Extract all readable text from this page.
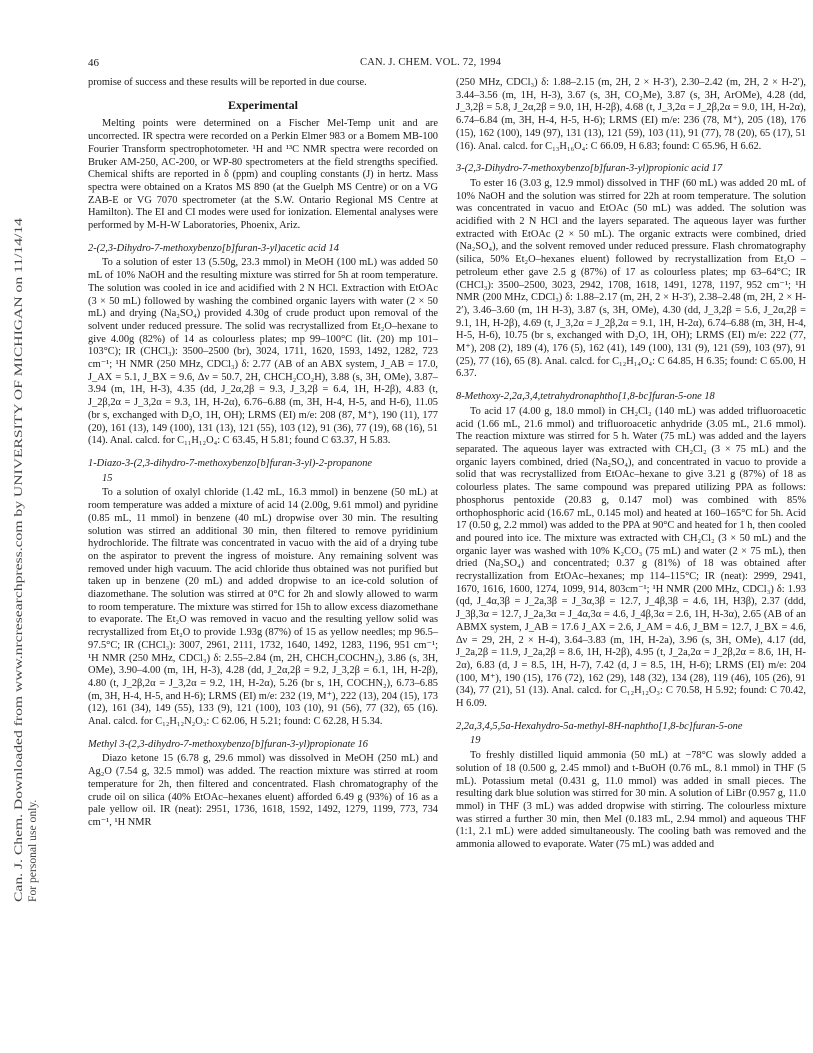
46	CAN. J. CHEM. VOL. 72, 1994
Can. J. Chem. Downloaded from www.nrcresearchpress.com by UNIVERSITY OF MICHIGAN on 11/14/14 For personal use only.

promise of success and these results will be reported in due course.

Experimental

Melting points were determined on a Fischer Mel-Temp unit and are uncorrected. IR spectra were recorded on a Perkin Elmer 983 or a Bomem MB-100 Fourier Transform spectrophotometer. ¹H and ¹³C NMR spectra were recorded on Bruker AM-250, AC-200, or WP-80 spectrometers at the field strengths specified. Chemical shifts are reported in δ (ppm) and coupling constants (J) in hertz. Mass spectra were obtained on a Kratos MS 890 (at the Guelph MS Centre) or on a VG ZAB-E or VG 7070 spectrometer (at the S.W. Ontario Regional MS Centre at Hamilton). The EI and CI modes were used for ionization. Elemental analyses were performed by M-H-W Laboratories, Phoenix, Ariz.

2-(2,3-Dihydro-7-methoxybenzo[b]furan-3-yl)acetic acid 14

To a solution of ester 13 (5.50g, 23.3 mmol) in MeOH (100 mL) was added 50 mL of 10% NaOH and the resulting mixture was stirred for 5h at room temperature. The solution was cooled in ice and acidified with 2 N HCl. Extraction with EtOAc (3 × 50 mL) followed by washing the combined organic layers with water (2 × 50 mL) and drying (Na₂SO₄) provided 4.30g of crude product upon removal of the solvent under reduced pressure. The solid was recrystallized from Et₂O–hexane to give 4.00g (82%) of 14 as colourless plates; mp 99–100°C (lit. (20) mp 101–103°C); IR (CHCl₃): 3500–2500 (br), 3024, 1711, 1620, 1593, 1492, 1282, 723 cm⁻¹; ¹H NMR (250 MHz, CDCl₃) δ: 2.77 (AB of an ABX system, J_AB = 17.0, J_AX = 5.1, J_BX = 9.6, Δν = 50.7, 2H, CHCH₂CO₂H), 3.88 (s, 3H, OMe), 3.87–3.94 (m, 1H, H-3), 4.35 (dd, J_2α,2β = 9.3, J_3,2β = 6.4, 1H, H-2β), 4.83 (t, J_2β,2α = J_3,2α = 9.3, 1H, H-2α), 6.76–6.88 (m, 3H, H-4, H-5, and H-6), 11.05 (br s, exchanged with D₂O, 1H, OH); LRMS (EI) m/e: 208 (87, M⁺), 190 (11), 177 (20), 161 (13), 149 (100), 131 (13), 121 (55), 103 (12), 91 (36), 77 (19), 68 (16), 51 (14). Anal. calcd. for C₁₁H₁₂O₄: C 63.45, H 5.81; found C 63.37, H 5.83.

1-Diazo-3-(2,3-dihydro-7-methoxybenzo[b]furan-3-yl)-2-propanone
15

To a solution of oxalyl chloride (1.42 mL, 16.3 mmol) in benzene (50 mL) at room temperature was added a mixture of acid 14 (2.00g, 9.61 mmol) and pyridine (0.85 mL, 11 mmol) in benzene (40 mL) dropwise over 30 min. The resulting solution was stirred an additional 30 min, then filtered to remove pyridinium hydrochloride. The filtrate was concentrated in vacuo with the aid of a drying tube on the aspirator to prevent the ingress of moisture. Any remaining solvent was removed under high vacuum. The acid chloride thus obtained was not purified but taken up in benzene (20 mL) and added dropwise to an ice-cold solution of diazomethane. The solution was stirred at 0°C for 2h and slowly allowed to warm to room temperature. The mixture was stirred for 15h to allow excess diazomethane to evaporate. The Et₂O was removed in vacuo and the resulting yellow solid was recrystallized from Et₂O to provide 1.93g (87%) of 15 as yellow needles; mp 96.5–97.5°C; IR (CHCl₃): 3007, 2961, 2111, 1732, 1640, 1492, 1283, 1196, 951 cm⁻¹; ¹H NMR (250 MHz, CDCl₃) δ: 2.55–2.84 (m, 2H, CHCH₂COCHN₂), 3.86 (s, 3H, OMe), 3.90–4.00 (m, 1H, H-3), 4.28 (dd, J_2α,2β = 9.2, J_3,2β = 6.1, 1H, H-2β), 4.80 (t, J_2β,2α = J_3,2α = 9.2, 1H, H-2α), 5.26 (br s, 1H, COCHN₂), 6.73–6.85 (m, 3H, H-4, H-5, and H-6); LRMS (EI) m/e: 232 (19, M⁺), 222 (13), 204 (15), 173 (12), 161 (34), 149 (55), 133 (9), 121 (100), 103 (10), 91 (56), 77 (32), 65 (16). Anal. calcd. for C₁₂H₁₂N₂O₃: C 62.06, H 5.21; found: C 62.28, H 5.34.

Methyl 3-(2,3-dihydro-7-methoxybenzo[b]furan-3-yl)propionate 16

Diazo ketone 15 (6.78 g, 29.6 mmol) was dissolved in MeOH (250 mL) and Ag₂O (7.54 g, 32.5 mmol) was added. The reaction mixture was stirred at room temperature for 2h, then filtered and concentrated. Flash chromatography of the crude oil on silica (40% EtOAc–hexanes eluent) afforded 6.49 g (93%) of 16 as a pale yellow oil. IR (neat): 2951, 1736, 1618, 1592, 1492, 1279, 1199, 773, 734 cm⁻¹, ¹H NMR

(250 MHz, CDCl₃) δ: 1.88–2.15 (m, 2H, 2 × H-3′), 2.30–2.42 (m, 2H, 2 × H-2′), 3.44–3.56 (m, 1H, H-3), 3.67 (s, 3H, CO₂Me), 3.87 (s, 3H, ArOMe), 4.28 (dd, J_3,2β = 5.8, J_2α,2β = 9.0, 1H, H-2β), 4.68 (t, J_3,2α = J_2β,2α = 9.0, 1H, H-2α), 6.74–6.84 (m, 3H, H-4, H-5, H-6); LRMS (EI) m/e: 236 (78, M⁺), 205 (18), 176 (15), 162 (100), 149 (97), 131 (13), 121 (59), 103 (11), 91 (77), 78 (20), 65 (17), 51 (16). Anal. calcd. for C₁₃H₁₆O₄: C 66.09, H 6.83; found: C 65.96, H 6.62.

3-(2,3-Dihydro-7-methoxybenzo[b]furan-3-yl)propionic acid 17

To ester 16 (3.03 g, 12.9 mmol) dissolved in THF (60 mL) was added 20 mL of 10% NaOH and the solution was stirred for 22h at room temperature. The solution was concentrated in vacuo and EtOAc (50 mL) was added. The solution was acidified with 2 N HCl and the layers separated. The aqueous layer was further extracted with EtOAc (2 × 50 mL). The organic extracts were combined, dried (Na₂SO₄), and the solvent removed under reduced pressure. Flash chromatography (silica, 50% Et₂O–hexanes eluent) followed by recrystallization from Et₂O – petroleum ether gave 2.5 g (87%) of 17 as colourless plates; mp 63–64°C; IR (CHCl₃): 3500–2500, 3023, 2942, 1708, 1618, 1491, 1278, 1197, 952 cm⁻¹; ¹H NMR (200 MHz, CDCl₃) δ: 1.88–2.17 (m, 2H, 2 × H-3′), 2.38–2.48 (m, 2H, 2 × H-2′), 3.46–3.60 (m, 1H H-3), 3.87 (s, 3H, OMe), 4.30 (dd, J_3,2β = 5.6, J_2α,2β = 9.1, 1H, H-2β), 4.69 (t, J_3,2α = J_2β,2α = 9.1, 1H, H-2α), 6.74–6.88 (m, 3H, H-4, H-5, H-6), 10.75 (br s, exchanged with D₂O, 1H, OH); LRMS (EI) m/e: 222 (77, M⁺), 208 (2), 189 (4), 176 (5), 162 (41), 149 (100), 131 (9), 121 (59), 103 (97), 91 (25), 77 (16), 65 (8). Anal. calcd. for C₁₂H₁₄O₄: C 64.85, H 6.35; found: C 65.00, H 6.37.

8-Methoxy-2,2a,3,4,tetrahydronaphtho[1,8-bc]furan-5-one 18

To acid 17 (4.00 g, 18.0 mmol) in CH₂Cl₂ (140 mL) was added trifluoroacetic acid (1.66 mL, 21.6 mmol) and trifluoroacetic anhydride (3.05 mL, 21.6 mmol). The reaction mixture was stirred for 5 h. Water (75 mL) was added and the layers separated. The aqueous layer was extracted with CH₂Cl₂ (3 × 75 mL) and the organic layers combined, dried (Na₂SO₄), and concentrated in vacuo to provide a solid that was recrystallized from EtOAc–hexane to give 3.21 g (87%) of 18 as colourless plates. The same compound was prepared utilizing PPA as follows: phosphorus pentoxide (20.83 g, 0.147 mol) was combined with 85% orthophosphoric acid (16.67 mL, 0.145 mol) and heated at 160–165°C for 5h. Acid 17 (0.50 g, 2.2 mmol) was added to the PPA at 90°C and heated for 1 h, then cooled and poured into ice. The mixture was extracted with CH₂Cl₂ (3 × 50 mL) and the organic layer was washed with 10% K₂CO₃ (75 mL) and water (2 × 75 mL), then dried (Na₂SO₄) and concentrated; 0.37 g (81%) of 18 was obtained after recrystallization from EtOAc–hexanes; mp 114–115°C; IR (neat): 2999, 2941, 1670, 1616, 1600, 1274, 1099, 914, 803cm⁻¹; ¹H NMR (200 MHz, CDCl₃) δ: 1.93 (qd, J_4α,3β = J_2a,3β = J_3α,3β = 12.7, J_4β,3β = 4.6, 1H, H3β), 2.37 (ddd, J_3β,3α = 12.7, J_2a,3α = J_4α,3α = 4.6, J_4β,3α = 2.6, 1H, H-3α), 2.65 (AB of an ABMX system, J_AB = 17.6 J_AX = 2.6, J_AM = 4.6, J_BM = 12.7, J_BX = 4.6, Δν = 29, 2H, 2 × H-4), 3.64–3.83 (m, 1H, H-2a), 3.96 (s, 3H, OMe), 4.17 (dd, J_2a,2β = 11.9, J_2a,2β = 8.6, 1H, H-2β), 4.95 (t, J_2a,2α = J_2β,2α = 8.6, 1H, H-2α), 6.83 (d, J = 8.5, 1H, H-7), 7.42 (d, J = 8.5, 1H, H-6); LRMS (EI) m/e: 204 (100, M⁺), 190 (15), 176 (72), 162 (29), 148 (32), 134 (28), 119 (46), 105 (26), 91 (34), 77 (21), 51 (13). Anal. calcd. for C₁₂H₁₂O₃: C 70.58, H 5.92; found: C 70.42, H 6.09.

2,2a,3,4,5,5a-Hexahydro-5a-methyl-8H-naphtho[1,8-bc]furan-5-one
19

To freshly distilled liquid ammonia (50 mL) at −78°C was slowly added a solution of 18 (0.500 g, 2.45 mmol) and t-BuOH (0.76 mL, 8.1 mmol) in THF (5 mL). Potassium metal (0.431 g, 11.0 mmol) was added in small pieces. The resulting dark blue solution was stirred for 30 min. A solution of LiBr (0.957 g, 11.0 mmol) in THF (3 mL) was added dropwise with stirring. The colourless mixture was stirred a further 30 min, then MeI (0.183 mL, 2.94 mmol) and aqueous THF (1:1, 2.1 mL) were added simultaneously. The cooling bath was removed and the ammonia allowed to evaporate. Water (75 mL) was added and
